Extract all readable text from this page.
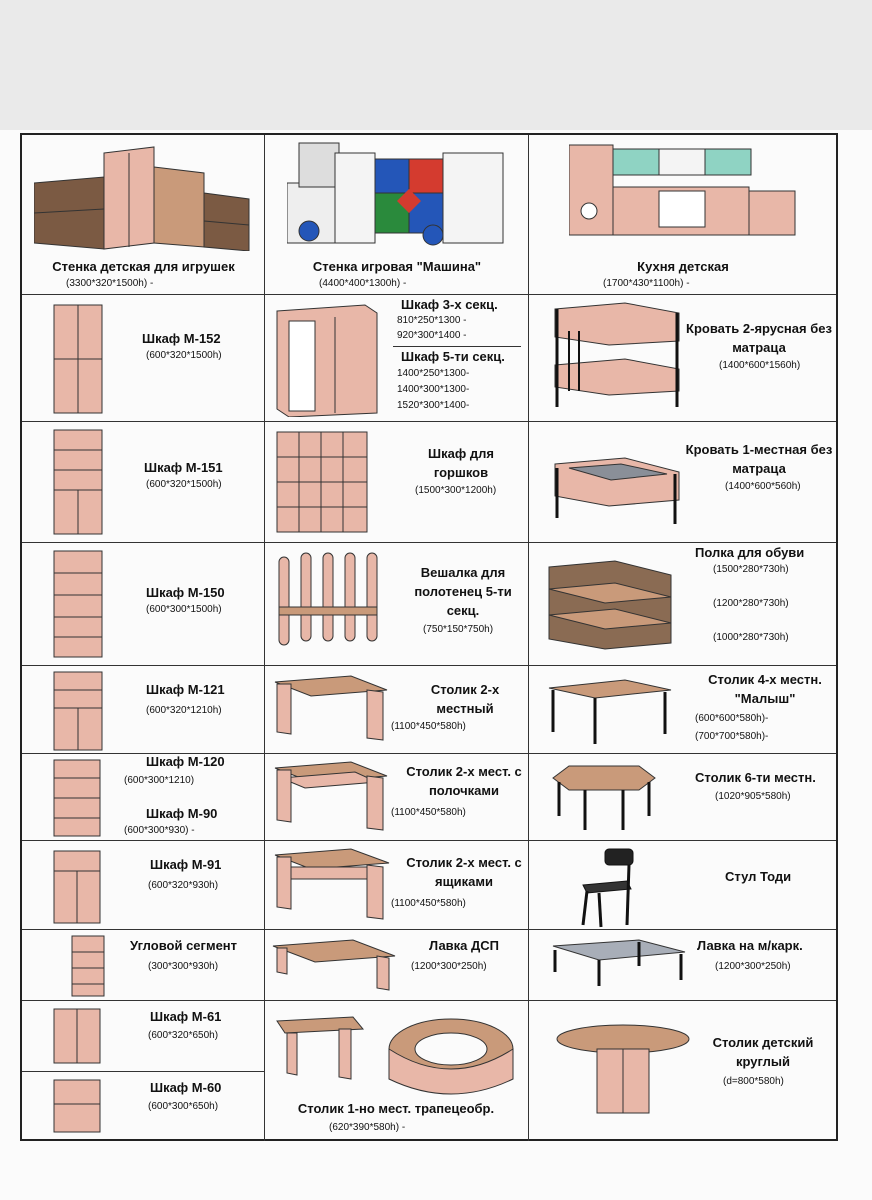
Стенка детская для игрушек
(3300*320*1500h) -
Стенка игровая "Машина"
(4400*400*1300h) -
Кухня детская
(1700*430*1100h) -
Шкаф М-152
(600*320*1500h)
Шкаф 3-х секц.
810*250*1300 -
920*300*1400 -
Шкаф 5-ти секц.
1400*250*1300-
1400*300*1300-
1520*300*1400-
Кровать 2-ярусная без матраца
(1400*600*1560h)
Шкаф М-151
(600*320*1500h)
Шкаф для горшков
(1500*300*1200h)
Кровать 1-местная без матраца
(1400*600*560h)
Шкаф М-150
(600*300*1500h)
Вешалка для полотенец 5-ти секц.
(750*150*750h)
Полка для обуви
(1500*280*730h)
(1200*280*730h)
(1000*280*730h)
Шкаф М-121
(600*320*1210h)
Столик 2-х местный
(1100*450*580h)
Столик 4-х местн. "Малыш"
(600*600*580h)-
(700*700*580h)-
Шкаф М-120
(600*300*1210)
Шкаф М-90
(600*300*930) -
Столик 2-х мест. с полочками
(1100*450*580h)
Столик 6-ти местн.
(1020*905*580h)
Шкаф М-91
(600*320*930h)
Столик 2-х мест. с ящиками
(1100*450*580h)
Стул Тоди
Угловой сегмент
(300*300*930h)
Лавка ДСП
(1200*300*250h)
Лавка на м/карк.
(1200*300*250h)
Шкаф М-61
(600*320*650h)
Шкаф М-60
(600*300*650h)	Столик 1-но мест. трапецеобр.
(620*390*580h) -
Столик детский круглый
(d=800*580h)
